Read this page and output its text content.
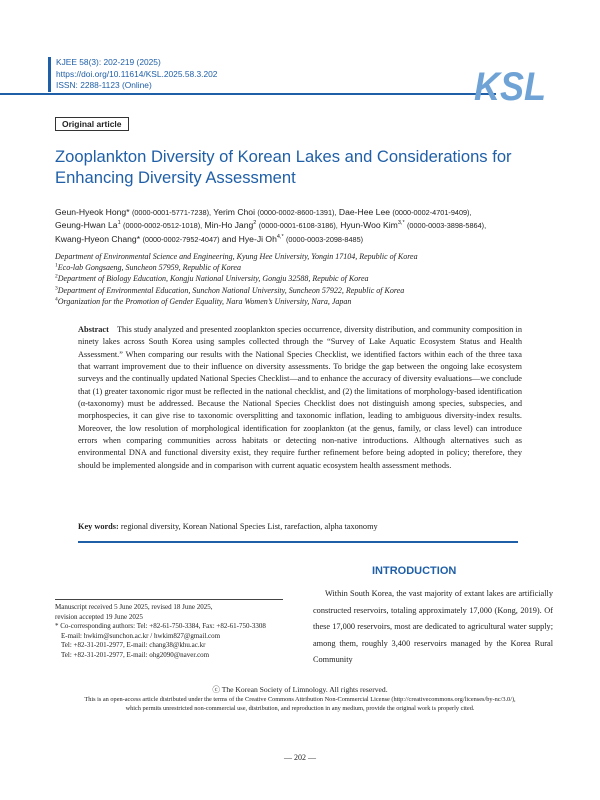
KJEE 58(3): 202-219 (2025)
https://doi.org/10.11614/KSL.2025.58.3.202
ISSN: 2288-1123 (Online)	KSL
Original article
Zooplankton Diversity of Korean Lakes and Considerations for
Enhancing Diversity Assessment
Geun-Hyeok Hong* (0000-0001-5771-7238), Yerim Choi (0000-0002-8600-1391), Dae-Hee Lee (0000-0002-4701-9409),
Geung-Hwan La$^1$ (0000-0002-0512-1018), Min-Ho Jang$^2$ (0000-0001-6108-3186), Hyun-Woo Kim$^{3,*}$ (0000-0003-3898-5864),
Kwang-Hyeon Chang* (0000-0002-7952-4047) and Hye-Ji $Oh^{4,*}$ (0000-0003-2098-8485)
Department of Environmental Science and Engineering, Kyung Hee University, Yongin 17104, Republic of Korea
$^1$Eco-lab Gongsaeng, Suncheon 57959, Republic of Korea
$^2$Department of Biology Education, Kongju National University, Gongju 32588, Repubic of Korea
$^3$Department of Environmental Education, Sunchon National University, Suncheon 57922, Republic of Korea
$^4$Organization for the Promotion of Gender Equality, Nara Women’s University, Nara, Japan
Abstract This study analyzed and presented zooplankton species occurrence, diversity distribution, and community composition in ninety lakes across South Korea using samples collected through the “Survey of Lake Aquatic Ecosystem Status and Health Assessment.” When comparing our results with the National Species Checklist, we identified factors within each of the three taxa that warrant improvement due to their influence on diversity assessments. To bridge the gap between the ongoing lake ecosystem surveys and the continually updated National Species Checklist—and to enhance the accuracy of diversity evaluations—we conclude that (1) greater taxonomic rigor must be reflected in the national checklist, and (2) the limitations of morphology-based identification (α-taxonomy) must be addressed. Because the National Species Checklist does not distinguish among species, subspecies, and morphospecies, it can give rise to taxonomic oversplitting and taxonomic inflation, leading to ambiguous diversity-index results. Moreover, the low resolution of morphological identification for zooplankton (at the genus, family, or class level) can introduce errors when comparing communities across habitats or detecting non-native introductions. Although alternatives such as environmental DNA and functional diversity exist, they require further refinement before being adopted in policy; therefore, they should be implemented alongside and in comparison with current aquatic ecosystem health assessment methods.
Key words: regional diversity, Korean National Species List, rarefaction, alpha taxonomy
INTRODUCTION
Within South Korea, the vast majority of extant lakes are artificially constructed reservoirs, totaling approximately 17,000 (Kong, 2019). Of these 17,000 reservoirs, most are dedicated to agricultural water supply; among them, roughly 3,400 reservoirs managed by the Korea Rural Community
Manuscript received 5 June 2025, revised 18 June 2025,
revision accepted 19 June 2025
* Co-corresponding authors: Tel: +82-61-750-3384, Fax: +82-61-750-3308
E-mail: hwkim@sunchon.ac.kr / hwkim827@gmail.com
Tel: +82-31-201-2977, E-mail: chang38@khu.ac.kr
Tel: +82-31-201-2977, E-mail: ohg2090@naver.com
ⓒ The Korean Society of Limnology. All rights reserved.
This is an open-access article distributed under the terms of the Creative Commons Attribution Non-Commercial License (http://creativecommons.org/licenses/by-nc/3.0/),
which permits unrestricted non-commercial use, distribution, and reproduction in any medium, provide the original work is properly cited.
— 202 —
